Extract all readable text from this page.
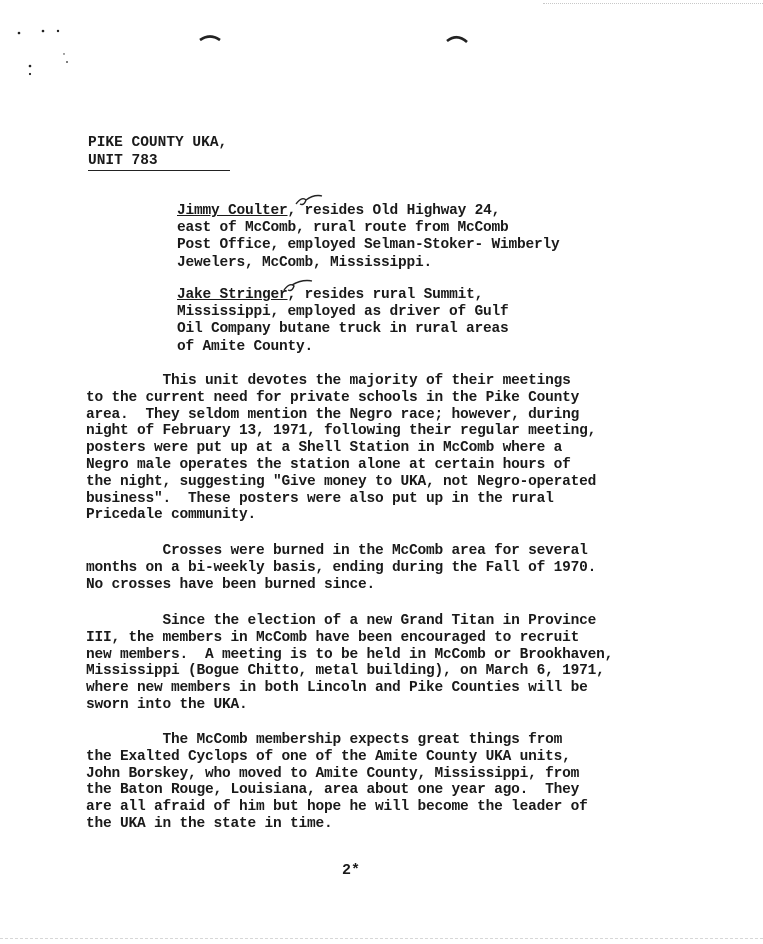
PIKE COUNTY UKA,
UNIT 783
Jimmy Coulter, resides Old Highway 24,
east of McComb, rural route from McComb
Post Office, employed Selman-Stoker- Wimberly
Jewelers, McComb, Mississippi.
Jake Stringer, resides rural Summit,
Mississippi, employed as driver of Gulf
Oil Company butane truck in rural areas
of Amite County.
This unit devotes the majority of their meetings
to the current need for private schools in the Pike County
area.  They seldom mention the Negro race; however, during
night of February 13, 1971, following their regular meeting,
posters were put up at a Shell Station in McComb where a
Negro male operates the station alone at certain hours of
the night, suggesting "Give money to UKA, not Negro-operated
business".  These posters were also put up in the rural
Pricedale community.
Crosses were burned in the McComb area for several
months on a bi-weekly basis, ending during the Fall of 1970.
No crosses have been burned since.
Since the election of a new Grand Titan in Province
III, the members in McComb have been encouraged to recruit
new members.  A meeting is to be held in McComb or Brookhaven,
Mississippi (Bogue Chitto, metal building), on March 6, 1971,
where new members in both Lincoln and Pike Counties will be
sworn into the UKA.
The McComb membership expects great things from
the Exalted Cyclops of one of the Amite County UKA units,
John Borskey, who moved to Amite County, Mississippi, from
the Baton Rouge, Louisiana, area about one year ago.  They
are all afraid of him but hope he will become the leader of
the UKA in the state in time.
2*
